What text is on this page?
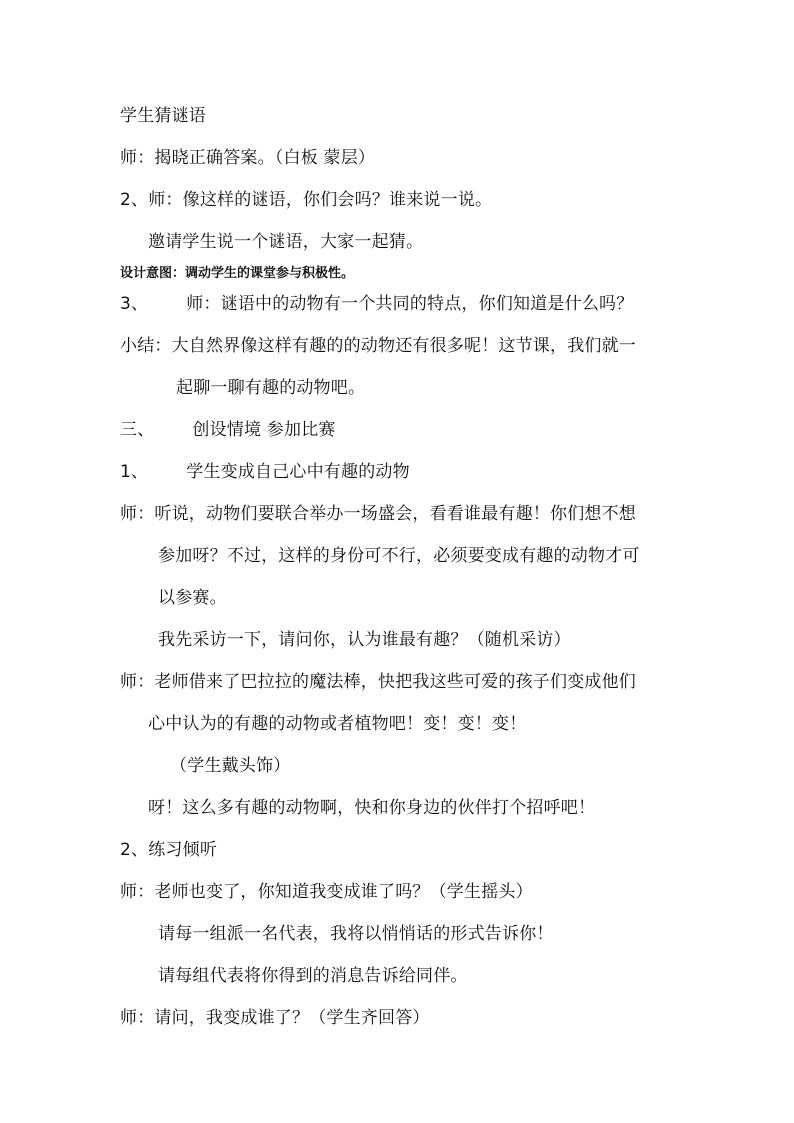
学生猜谜语
师：揭晓正确答案。（白板 蒙层）
2、师：像这样的谜语，你们会吗？谁来说一说。
邀请学生说一个谜语，大家一起猜。
设计意图：调动学生的课堂参与积极性。
3、 师：谜语中的动物有一个共同的特点，你们知道是什么吗？
小结：大自然界像这样有趣的的动物还有很多呢！这节课，我们就一
起聊一聊有趣的动物吧。
三、 创设情境 参加比赛
1、 学生变成自己心中有趣的动物
师：听说，动物们要联合举办一场盛会，看看谁最有趣！你们想不想
参加呀？不过，这样的身份可不行，必须要变成有趣的动物才可
以参赛。
我先采访一下，请问你，认为谁最有趣？（随机采访）
师：老师借来了巴拉拉的魔法棒，快把我这些可爱的孩子们变成他们
心中认为的有趣的动物或者植物吧！变！变！变！
（学生戴头饰）
呀！这么多有趣的动物啊，快和你身边的伙伴打个招呼吧！
2、练习倾听
师：老师也变了，你知道我变成谁了吗？（学生摇头）
请每一组派一名代表，我将以悄悄话的形式告诉你！
请每组代表将你得到的消息告诉给同伴。
师：请问，我变成谁了？（学生齐回答）
